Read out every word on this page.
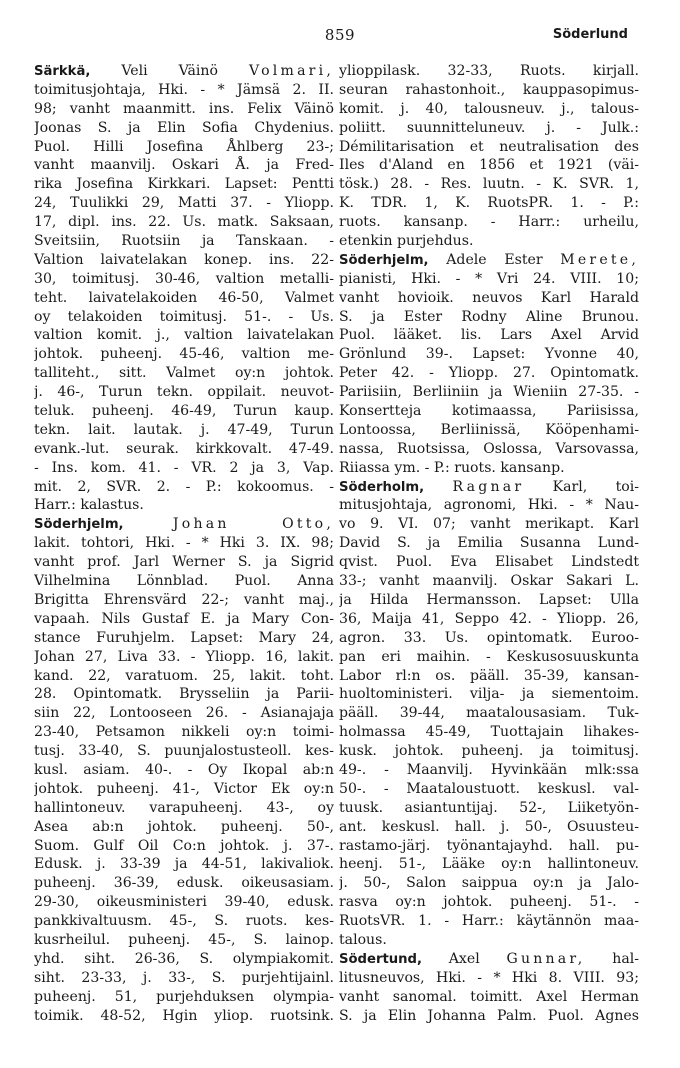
859	Söderlund
Särkkä, Veli Väinö Volmari,
toimitusjohtaja, Hki. - * Jämsä 2. II.
98; vanht maanmitt. ins. Felix Väinö
Joonas S. ja Elin Sofia Chydenius.
Puol. Hilli Josefina Åhlberg 23-;
vanht maanvilj. Oskari Å. ja Fred-
rika Josefina Kirkkari. Lapset: Pentti
24, Tuulikki 29, Matti 37. - Yliopp.
17, dipl. ins. 22. Us. matk. Saksaan,
Sveitsiin, Ruotsiin ja Tanskaan. -
Valtion laivatelakan konep. ins. 22-
30, toimitusj. 30-46, valtion metalli-
teht. laivatelakoiden 46-50, Valmet
oy telakoiden toimitusj. 51-. - Us.
valtion komit. j., valtion laivatelakan
johtok. puheenj. 45-46, valtion me-
talliteht., sitt. Valmet oy:n johtok.
j. 46-, Turun tekn. oppilait. neuvot-
teluk. puheenj. 46-49, Turun kaup.
tekn. lait. lautak. j. 47-49, Turun
evank.-lut. seurak. kirkkovalt. 47-49.
- Ins. kom. 41. - VR. 2 ja 3, Vap.
mit. 2, SVR. 2. - P.: kokoomus. -
Harr.: kalastus.
Söderhjelm,	Johan Otto,
lakit. tohtori, Hki. - * Hki 3. IX. 98;
vanht prof. Jarl Werner S. ja Sigrid
Vilhelmina Lönnblad. Puol. Anna
Brigitta Ehrensvärd 22-; vanht maj.,
vapaah. Nils Gustaf E. ja Mary Con-
stance Furuhjelm. Lapset: Mary 24,
Johan 27, Liva 33. - Yliopp. 16, lakit.
kand. 22, varatuom. 25, lakit. toht.
28. Opintomatk. Brysseliin ja Parii-
siin 22, Lontooseen 26. - Asianajaja
23-40, Petsamon nikkeli oy:n toimi-
tusj. 33-40, S. puunjalostusteoll. kes-
kusl. asiam. 40-. - Oy Ikopal ab:n
johtok. puheenj. 41-, Victor Ek oy:n
hallintoneuv. varapuheenj. 43-, oy
Asea ab:n johtok. puheenj. 50-,
Suom. Gulf Oil Co:n johtok. j. 37-.
Edusk. j. 33-39 ja 44-51, lakivaliok.
puheenj. 36-39, edusk. oikeusasiam.
29-30, oikeusministeri 39-40, edusk.
pankkivaltuusm. 45-, S. ruots. kes-
kusrheilul. puheenj. 45-, S. lainop.
yhd. siht. 26-36, S. olympiakomit.
siht. 23-33, j. 33-, S. purjehtijainl.
puheenj. 51, purjehduksen olympia-
toimik. 48-52, Hgin yliop. ruotsink.
ylioppilask. 32-33, Ruots. kirjall.
seuran rahastonhoit., kauppasopimus-
komit. j. 40, talousneuv. j., talous-
poliitt. suunnitteluneuv. j. - Julk.:
Démilitarisation et neutralisation des
Iles d'Aland en 1856 et 1921 (väi-
tösk.) 28. - Res. luutn. - K. SVR. 1,
K. TDR. 1, K. RuotsPR. 1. - P.:
ruots. kansanp. - Harr.: urheilu,
etenkin purjehdus.
Söderhjelm, Adele Ester Merete,
pianisti, Hki. - * Vri 24. VIII. 10;
vanht hovioik. neuvos Karl Harald
S. ja Ester Rodny Aline Brunou.
Puol. lääket. lis. Lars Axel Arvid
Grönlund 39-. Lapset: Yvonne 40,
Peter 42. - Yliopp. 27. Opintomatk.
Pariisiin, Berliiniin ja Wieniin 27-35. -
Konsertteja kotimaassa, Pariisissa,
Lontoossa, Berliinissä, Kööpenhami-
nassa, Ruotsissa, Oslossa, Varsovassa,
Riiassa ym. - P.: ruots. kansanp.
Söderholm, Ragnar Karl, toi-
mitusjohtaja, agronomi, Hki. - * Nau-
vo 9. VI. 07; vanht merikapt. Karl
David S. ja Emilia Susanna Lund-
qvist. Puol. Eva Elisabet Lindstedt
33-; vanht maanvilj. Oskar Sakari L.
ja Hilda Hermansson. Lapset: Ulla
36, Maija 41, Seppo 42. - Yliopp. 26,
agron. 33. Us. opintomatk. Euroo-
pan eri maihin. - Keskusosuuskunta
Labor rl:n os. pääll. 35-39, kansan-
huoltoministeri. vilja- ja siementoim.
pääll. 39-44, maatalousasiam. Tuk-
holmassa 45-49, Tuottajain lihakes-
kusk. johtok. puheenj. ja toimitusj.
49-. - Maanvilj. Hyvinkään mlk:ssa
50-. - Maataloustuott. keskusl. val-
tuusk. asiantuntijaj. 52-, Liiketyön-
ant. keskusl. hall. j. 50-, Osuusteu-
rastamo-järj. työnantajayhd. hall. pu-
heenj. 51-, Lääke oy:n hallintoneuv.
j. 50-, Salon saippua oy:n ja Jalo-
rasva oy:n johtok. puheenj. 51-. -
RuotsVR. 1. - Harr.: käytännön maa-
talous.
Södertund, Axel Gunnar, hal-
litusneuvos, Hki. - * Hki 8. VIII. 93;
vanht sanomal. toimitt. Axel Herman
S. ja Elin Johanna Palm. Puol. Agnes
